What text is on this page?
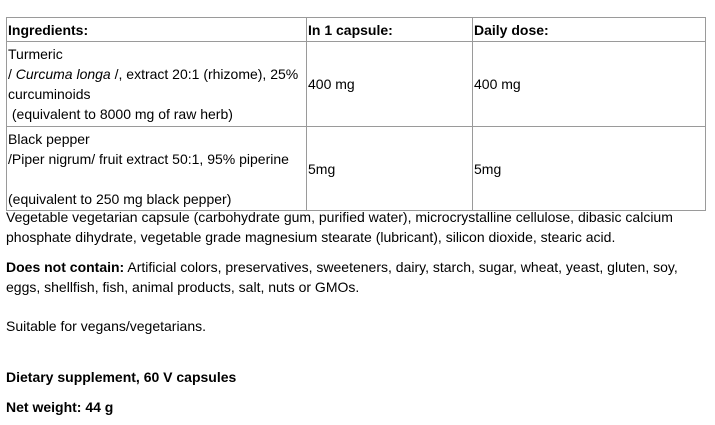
Ingredients:	In 1 capsule:	Daily dose:

Turmeric
/ Curcuma longa /, extract 20:1 (rhizome), 25%
curcuminoids
(equivalent to 8000 mg of raw herb)	400 mg	400 mg

Black pepper
/Piper nigrum/ fruit extract 50:1, 95% piperine
(equivalent to 250 mg black pepper)	5mg	5mg
Vegetable vegetarian capsule (carbohydrate gum, purified water), microcrystalline cellulose, dibasic calcium phosphate dihydrate, vegetable grade magnesium stearate (lubricant), silicon dioxide, stearic acid.
Does not contain: Artificial colors, preservatives, sweeteners, dairy, starch, sugar, wheat, yeast, gluten, soy, eggs, shellfish, fish, animal products, salt, nuts or GMOs.
Suitable for vegans/vegetarians.
Dietary supplement, 60 V capsules
Net weight: 44 g
